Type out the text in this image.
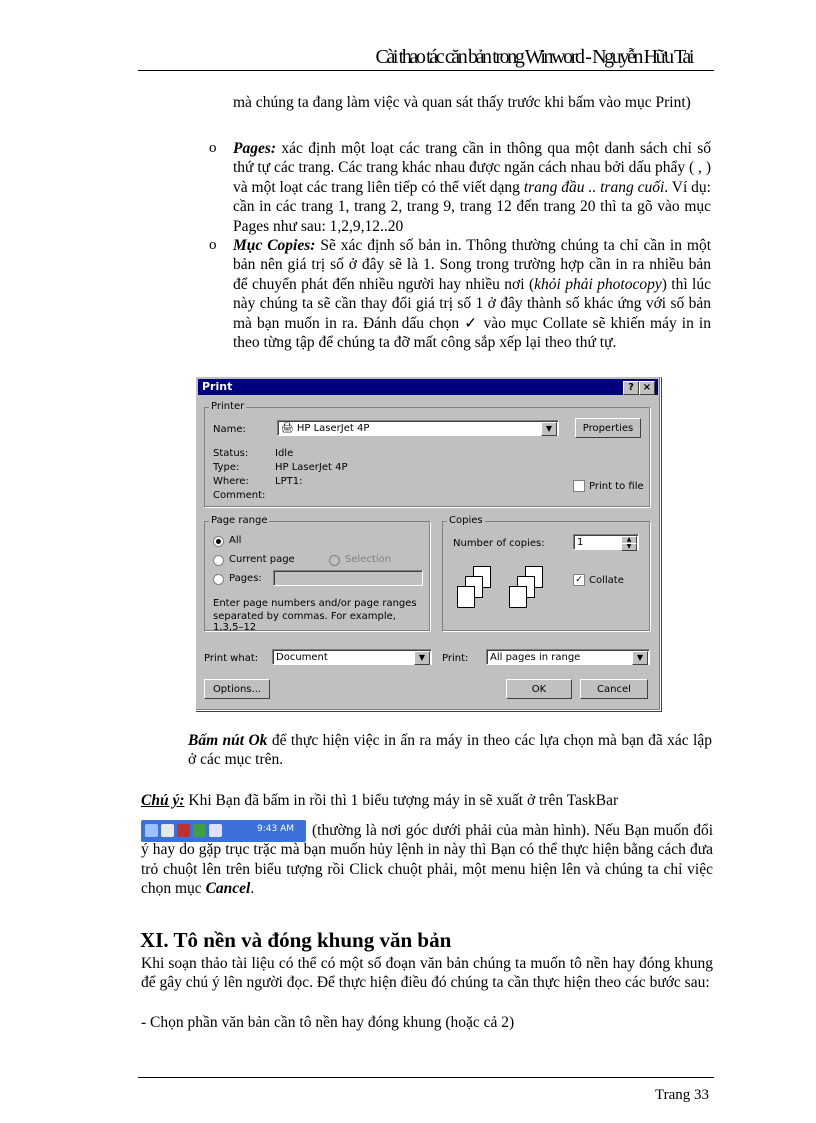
Cài thao tác căn bản trong Winword - Nguyễn Hữu Tai
mà chúng ta đang làm việc và quan sát thấy trước khi bấm vào mục Print)
o Pages: xác định một loạt các trang cần in thông qua một danh sách chỉ số thứ tự các trang. Các trang khác nhau được ngăn cách nhau bởi dấu phẩy ( , ) và một loạt các trang liên tiếp có thể viết dạng trang đầu .. trang cuối. Ví dụ: cần in các trang 1, trang 2, trang 9, trang 12 đến trang 20 thì ta gõ vào mục Pages như sau: 1,2,9,12..20
o Mục Copies: Sẽ xác định số bản in. Thông thường chúng ta chỉ cần in một bản nên giá trị số ở đây sẽ là 1. Song trong trường hợp cần in ra nhiều bản để chuyển phát đến nhiều người hay nhiều nơi (khỏi phải photocopy) thì lúc này chúng ta sẽ cần thay đổi giá trị số 1 ở đây thành số khác ứng với số bản mà bạn muốn in ra. Đánh dấu chọn ✓ vào mục Collate sẽ khiến máy in in theo từng tập để chúng ta đỡ mất công sắp xếp lại theo thứ tự.
Print	? ×
Printer
Name:	🖨 HP LaserJet 4P	▼	Properties
Status:	Idle
Type:	HP LaserJet 4P
Where:	LPT1:
Comment:
Print to file
Page range
All
Current page	Selection
Pages:
Enter page numbers and/or page ranges
separated by commas. For example, 1,3,5–12
Copies
Number of copies:	1	▲
▼
✓ Collate
Print what:	Document	▼	Print:	All pages in range	▼
Options...	OK	Cancel
Bấm nút Ok để thực hiện việc in ấn ra máy in theo các lựa chọn mà bạn đã xác lập ở các mục trên.
Chú ý: Khi Bạn đã bấm in rồi thì 1 biểu tượng máy in sẽ xuất ở trên TaskBar
9:43 AM	(thường là nơi góc dưới phải của màn hình). Nếu Bạn muốn đổi ý hay do gặp trục trặc mà bạn muốn hủy lệnh in này thì Bạn có thể thực hiện bằng cách đưa trỏ chuột lên trên biểu tượng rồi Click chuột phải, một menu hiện lên và chúng ta chỉ việc chọn mục Cancel.
XI. Tô nền và đóng khung văn bản
Khi soạn thảo tài liệu có thể có một số đoạn văn bản chúng ta muốn tô nền hay đóng khung để gây chú ý lên người đọc. Để thực hiện điều đó chúng ta cần thực hiện theo các bước sau:
- Chọn phần văn bản cần tô nền hay đóng khung (hoặc cả 2)
Trang 33
